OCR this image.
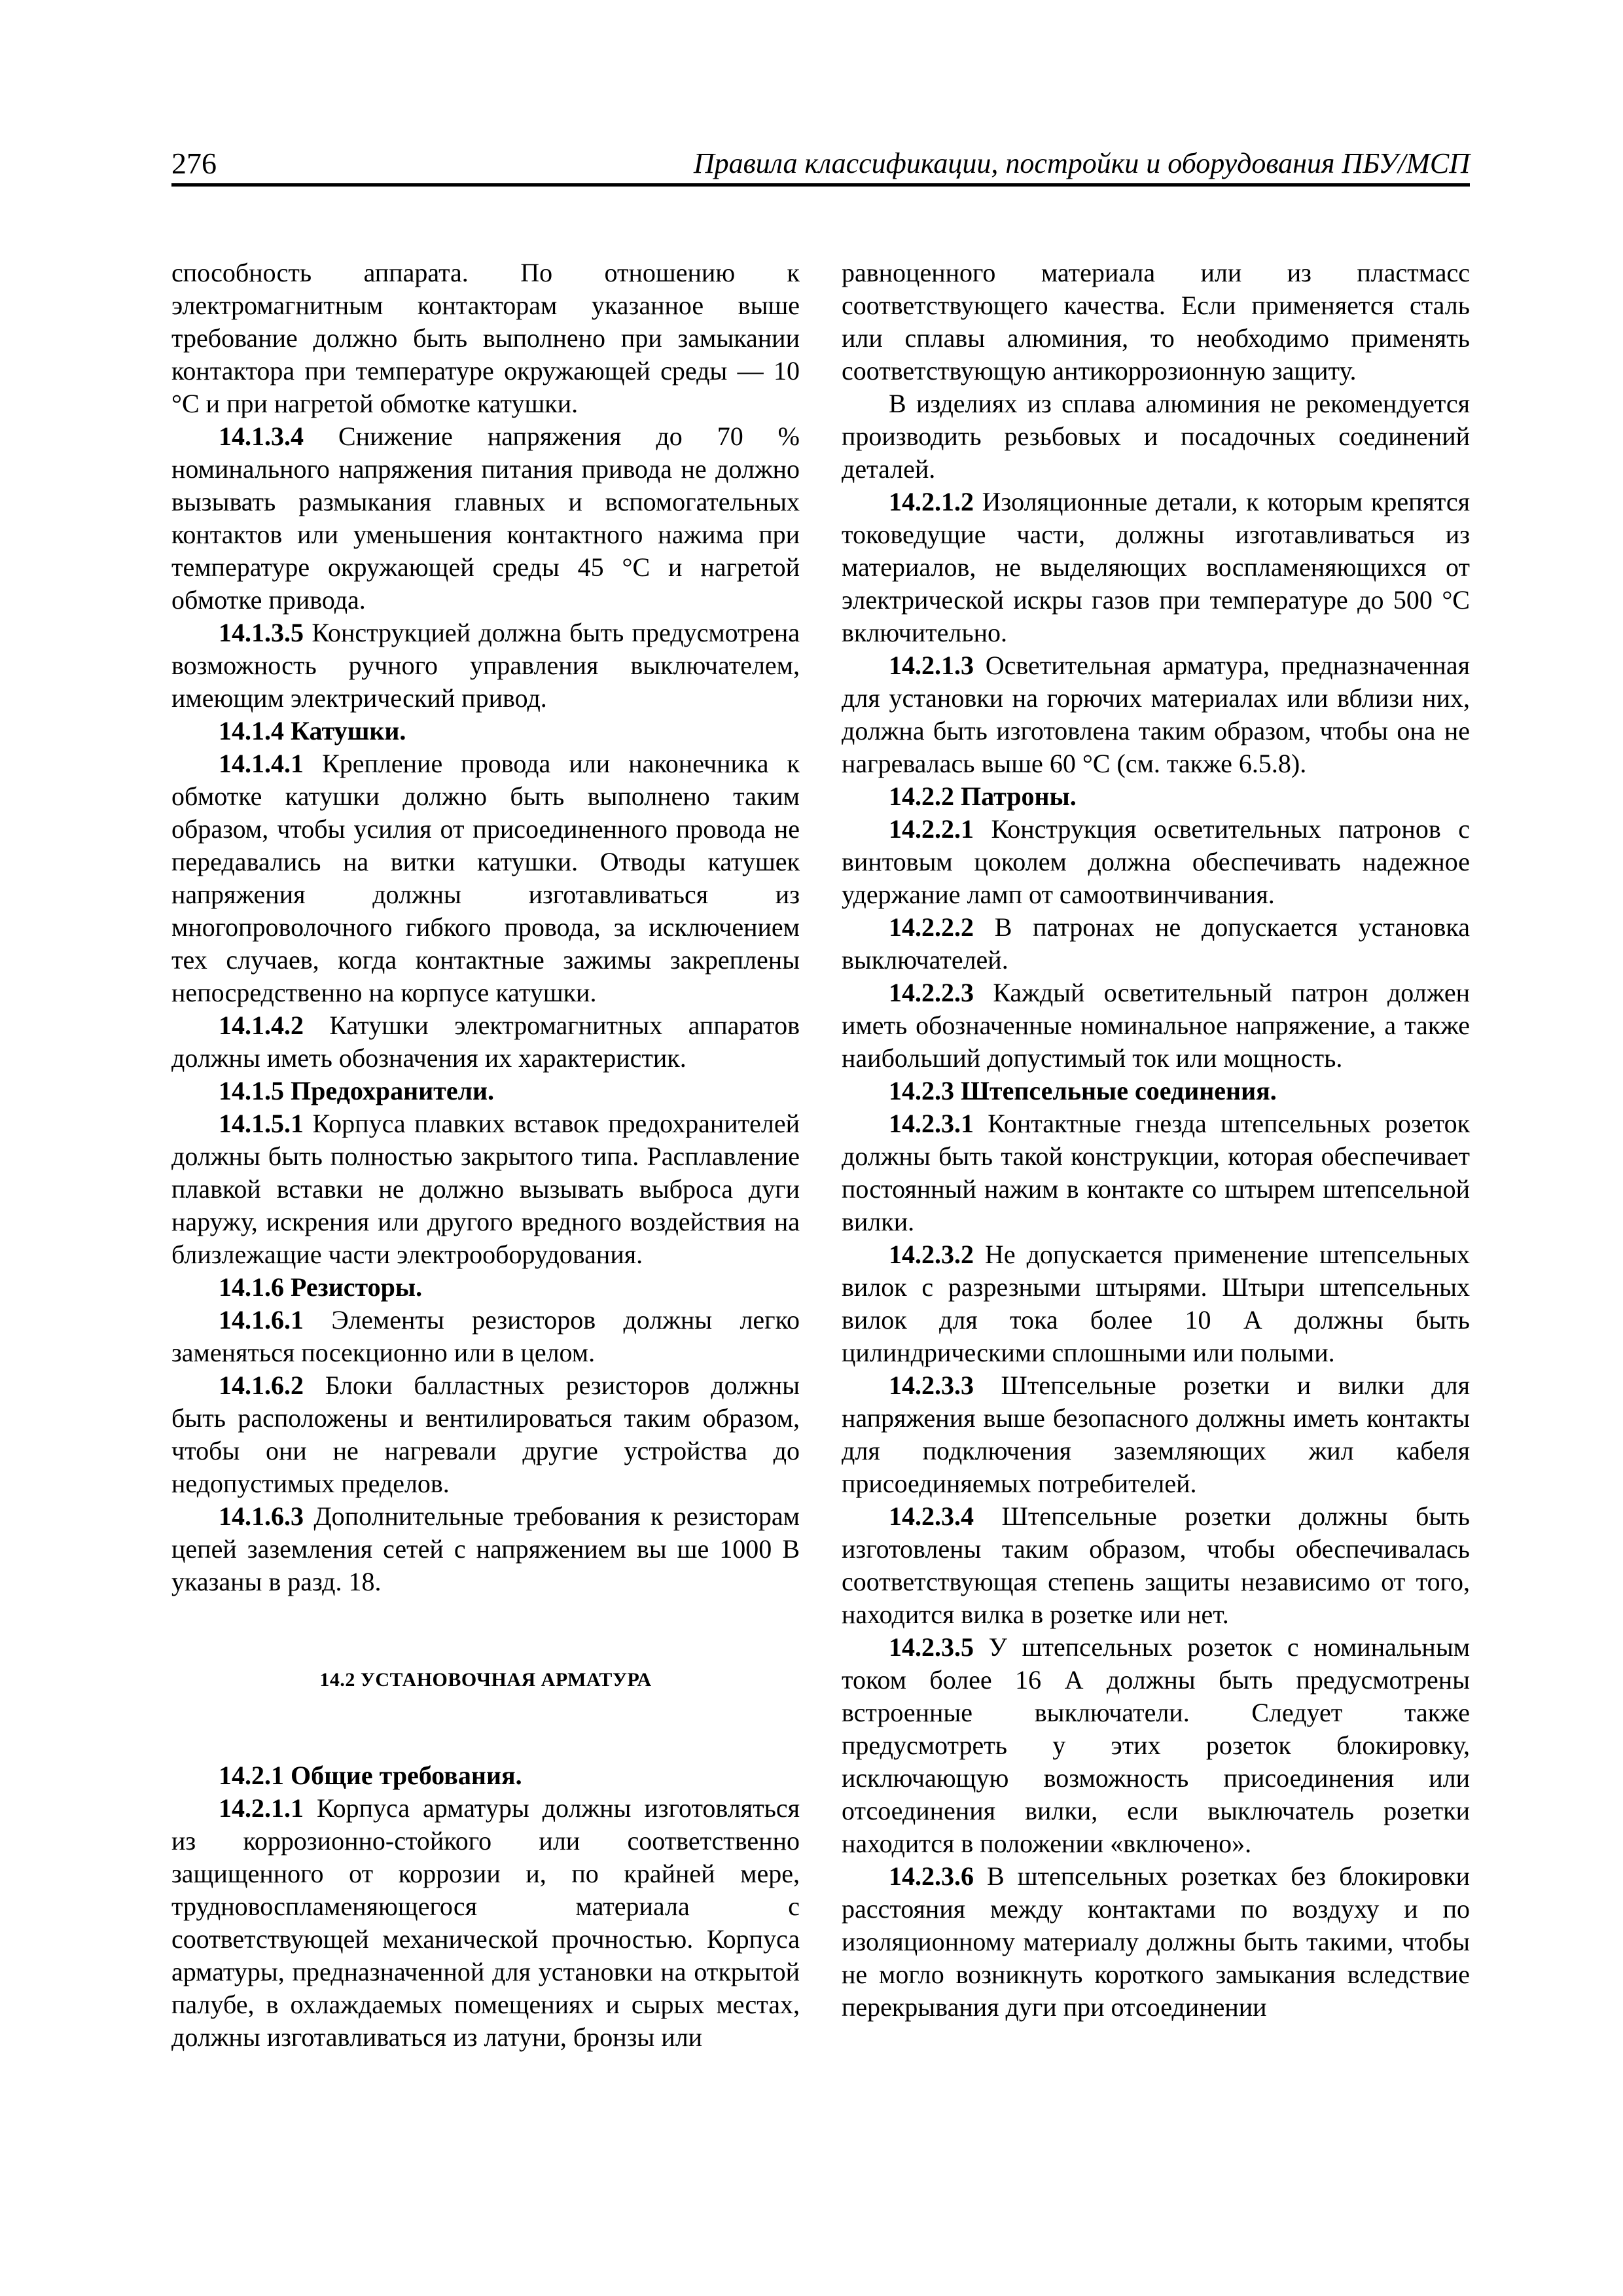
276	Правила классификации, постройки и оборудования ПБУ/МСП

способность аппарата. По отношению к электромагнитным контакторам указанное выше требование должно быть выполнено при замыкании контактора при температуре окружающей среды — 10 °С и при нагретой обмотке катушки.

14.1.3.4 Снижение напряжения до 70 % номинального напряжения питания привода не должно вызывать размыкания главных и вспомогательных контактов или уменьшения контактного нажима при температуре окружающей среды 45 °С и нагретой обмотке привода.

14.1.3.5 Конструкцией должна быть предусмотрена возможность ручного управления выключателем, имеющим электрический привод.

14.1.4 Катушки.

14.1.4.1 Крепление провода или наконечника к обмотке катушки должно быть выполнено таким образом, чтобы усилия от присоединенного провода не передавались на витки катушки. Отводы катушек напряжения должны изготавливаться из многопроволочного гибкого провода, за исключением тех случаев, когда контактные зажимы закреплены непосредственно на корпусе катушки.

14.1.4.2 Катушки электромагнитных аппаратов должны иметь обозначения их характеристик.

14.1.5 Предохранители.

14.1.5.1 Корпуса плавких вставок предохранителей должны быть полностью закрытого типа. Расплавление плавкой вставки не должно вызывать выброса дуги наружу, искрения или другого вредного воздействия на близлежащие части электрооборудования.

14.1.6 Резисторы.

14.1.6.1 Элементы резисторов должны легко заменяться посекционно или в целом.

14.1.6.2 Блоки балластных резисторов должны быть расположены и вентилироваться таким образом, чтобы они не нагревали другие устройства до недопустимых пределов.

14.1.6.3 Дополнительные требования к резисторам цепей заземления сетей с напряжением вы ше 1000 В указаны в разд. 18.

14.2 УСТАНОВОЧНАЯ АРМАТУРА

14.2.1 Общие требования.

14.2.1.1 Корпуса арматуры должны изготовляться из коррозионно-стойкого или соответственно защищенного от коррозии и, по крайней мере, трудновоспламеняющегося материала с соответствующей механической прочностью. Корпуса арматуры, предназначенной для установки на открытой палубе, в охлаждаемых помещениях и сырых местах, должны изготавливаться из латуни, бронзы или

равноценного материала или из пластмасс соответствующего качества. Если применяется сталь или сплавы алюминия, то необходимо применять соответствующую антикоррозионную защиту.

В изделиях из сплава алюминия не рекомендуется производить резьбовых и посадочных соединений деталей.

14.2.1.2 Изоляционные детали, к которым крепятся токоведущие части, должны изготавливаться из материалов, не выделяющих воспламеняющихся от электрической искры газов при температуре до 500 °С включительно.

14.2.1.3 Осветительная арматура, предназначенная для установки на горючих материалах или вблизи них, должна быть изготовлена таким образом, чтобы она не нагревалась выше 60 °С (см. также 6.5.8).

14.2.2 Патроны.

14.2.2.1 Конструкция осветительных патронов с винтовым цоколем должна обеспечивать надежное удержание ламп от самоотвинчивания.

14.2.2.2 В патронах не допускается установка выключателей.

14.2.2.3 Каждый осветительный патрон должен иметь обозначенные номинальное напряжение, а также наибольший допустимый ток или мощность.

14.2.3 Штепсельные соединения.

14.2.3.1 Контактные гнезда штепсельных розеток должны быть такой конструкции, которая обеспечивает постоянный нажим в контакте со штырем штепсельной вилки.

14.2.3.2 Не допускается применение штепсельных вилок с разрезными штырями. Штыри штепсельных вилок для тока более 10 А должны быть цилиндрическими сплошными или полыми.

14.2.3.3 Штепсельные розетки и вилки для напряжения выше безопасного должны иметь контакты для подключения заземляющих жил кабеля присоединяемых потребителей.

14.2.3.4 Штепсельные розетки должны быть изготовлены таким образом, чтобы обеспечивалась соответствующая степень защиты независимо от того, находится вилка в розетке или нет.

14.2.3.5 У штепсельных розеток с номинальным током более 16 А должны быть предусмотрены встроенные выключатели. Следует также предусмотреть у этих розеток блокировку, исключающую возможность присоединения или отсоединения вилки, если выключатель розетки находится в положении «включено».

14.2.3.6 В штепсельных розетках без блокировки расстояния между контактами по воздуху и по изоляционному материалу должны быть такими, чтобы не могло возникнуть короткого замыкания вследствие перекрывания дуги при отсоединении
